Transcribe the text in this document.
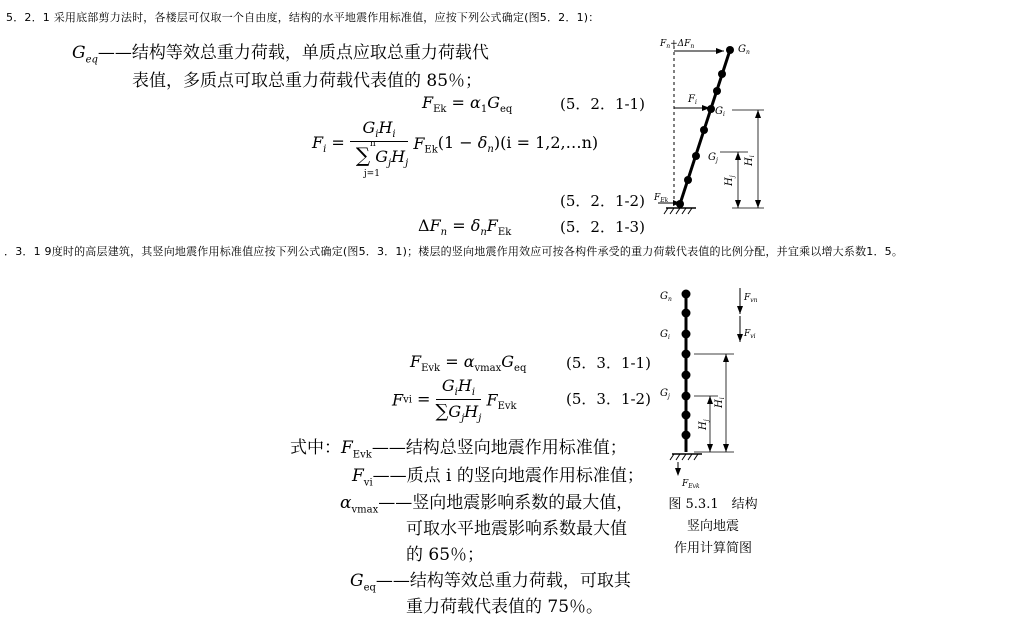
5．2．1 采用底部剪力法时，各楼层可仅取一个自由度，结构的水平地震作用标准值，应按下列公式确定(图5．2．1)：
$G_{eq}——$结构等效总重力荷载，单质点应取总重力荷载代
表值，多质点可取总重力荷载代表值的 85％；
$F_{Ek} = \alpha_1G_{eq}$	(5．2．1-1)
$F_i = G_iH_i$
n
∑ $G_jH_j$
j=1 $F_{Ek}(1 - \delta_n)(i$ = 1,2,…n)
(5．2．1-2)
$\Delta F_n = \delta_nF_{Ek}$	(5．2．1-3)
$F_n+\Delta F_n$	$G_n$
$F_i$
$G_i$
$G_j$
$F_{Ek}$
$H_j$
$H_i$
．3．1 9度时的高层建筑，其竖向地震作用标准值应按下列公式确定(图5．3．1)；楼层的竖向地震作用效应可按各构件承受的重力荷载代表值的比例分配，并宜乘以增大系数1．5。
$F_{Evk} = \alpha_{vmax}G_{eq}$	(5．3．1-1)
Fvi = $\frac{G_iH_i}{\sum G_jH_j} F_{Evk}$	(5．3．1-2)
式中：$F_{Evk}——$结构总竖向地震作用标准值；
$F_{vi}——$质点 i 的竖向地震作用标准值；
$\alpha_{vmax}——$竖向地震影响系数的最大值，
可取水平地震影响系数最大值
的 65％；
$G_{eq}——$结构等效总重力荷载，可取其
重力荷载代表值的 75％。
$G_n$
$G_i$
$G_j$
$F_{vn}$
$F_{vi}$
$H_j$
$H_i$
$F_{Evk}$
图 5.3.1　结构
竖向地震
作用计算简图
